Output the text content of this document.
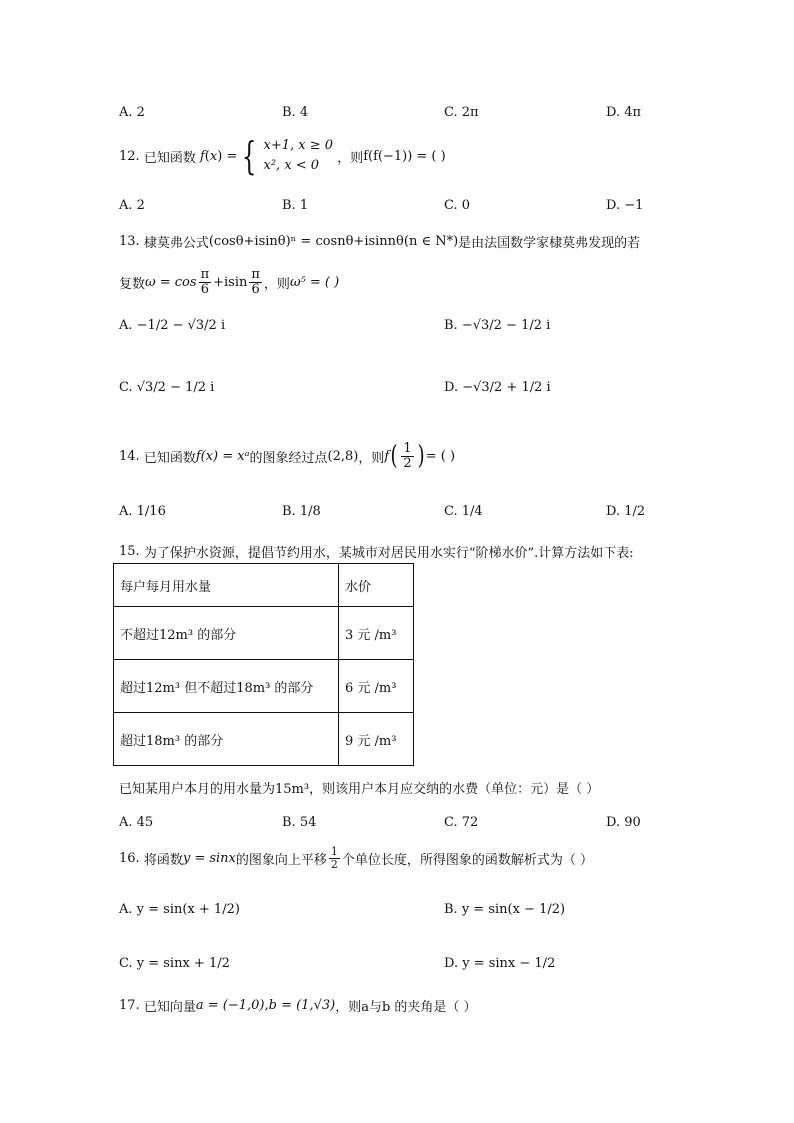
A. 2	B. 4	C. 2π	D. 4π
12.
已知函数 f ( x ) = { x+1, x ≥ 0
x², x < 0
	，则 f(f(−1)) = ( )
A. 2	B. 1	C. 0	D. −1
13.
棣莫弗公式 (cosθ+isinθ)ⁿ = cosnθ+isinnθ (n ∈ N*) 是由法国数学家棣莫弗发现的若
复数 $\omega = \cos \frac{\pi}{6} +isin \frac{\pi}{6}$ ，则 ω⁵ = ( )
A. −1/2 − √3/2 i	B. −√3/2 − 1/2 i
C. √3/2 − 1/2 i	D. −√3/2 + 1/2 i
14.
已知函数 f(x) = xᵃ 的图象经过点 (2,8) ，则 f ( $\frac{1}{2}$ ) = ( )
A. 1/16	B. 1/8	C. 1/4	D. 1/2
15.
为了保护水资源，提倡节约用水，某城市对居民用水实行“阶梯水价”.计算方法如下表:
每户每月用水量	水价
不超过12m³ 的部分	3 元 /m³
超过12m³ 但不超过18m³ 的部分	6 元 /m³
超过18m³ 的部分	9 元 /m³
已知某用户本月的用水量为15m³，则该用户本月应交纳的水费（单位：元）是（ ）
A. 45	B. 54	C. 72	D. 90
16.
将函数 y = sinx 的图象向上平移 $\frac{1}{2}$ 个单位长度，所得图象的函数解析式为（ ）
A. y = sin(x + 1/2)	B. y = sin(x − 1/2)
C. y = sinx + 1/2	D. y = sinx − 1/2
17.
已知向量 a = (−1,0) , b = (1,√3) ，则a与b 的夹角是（ ）
